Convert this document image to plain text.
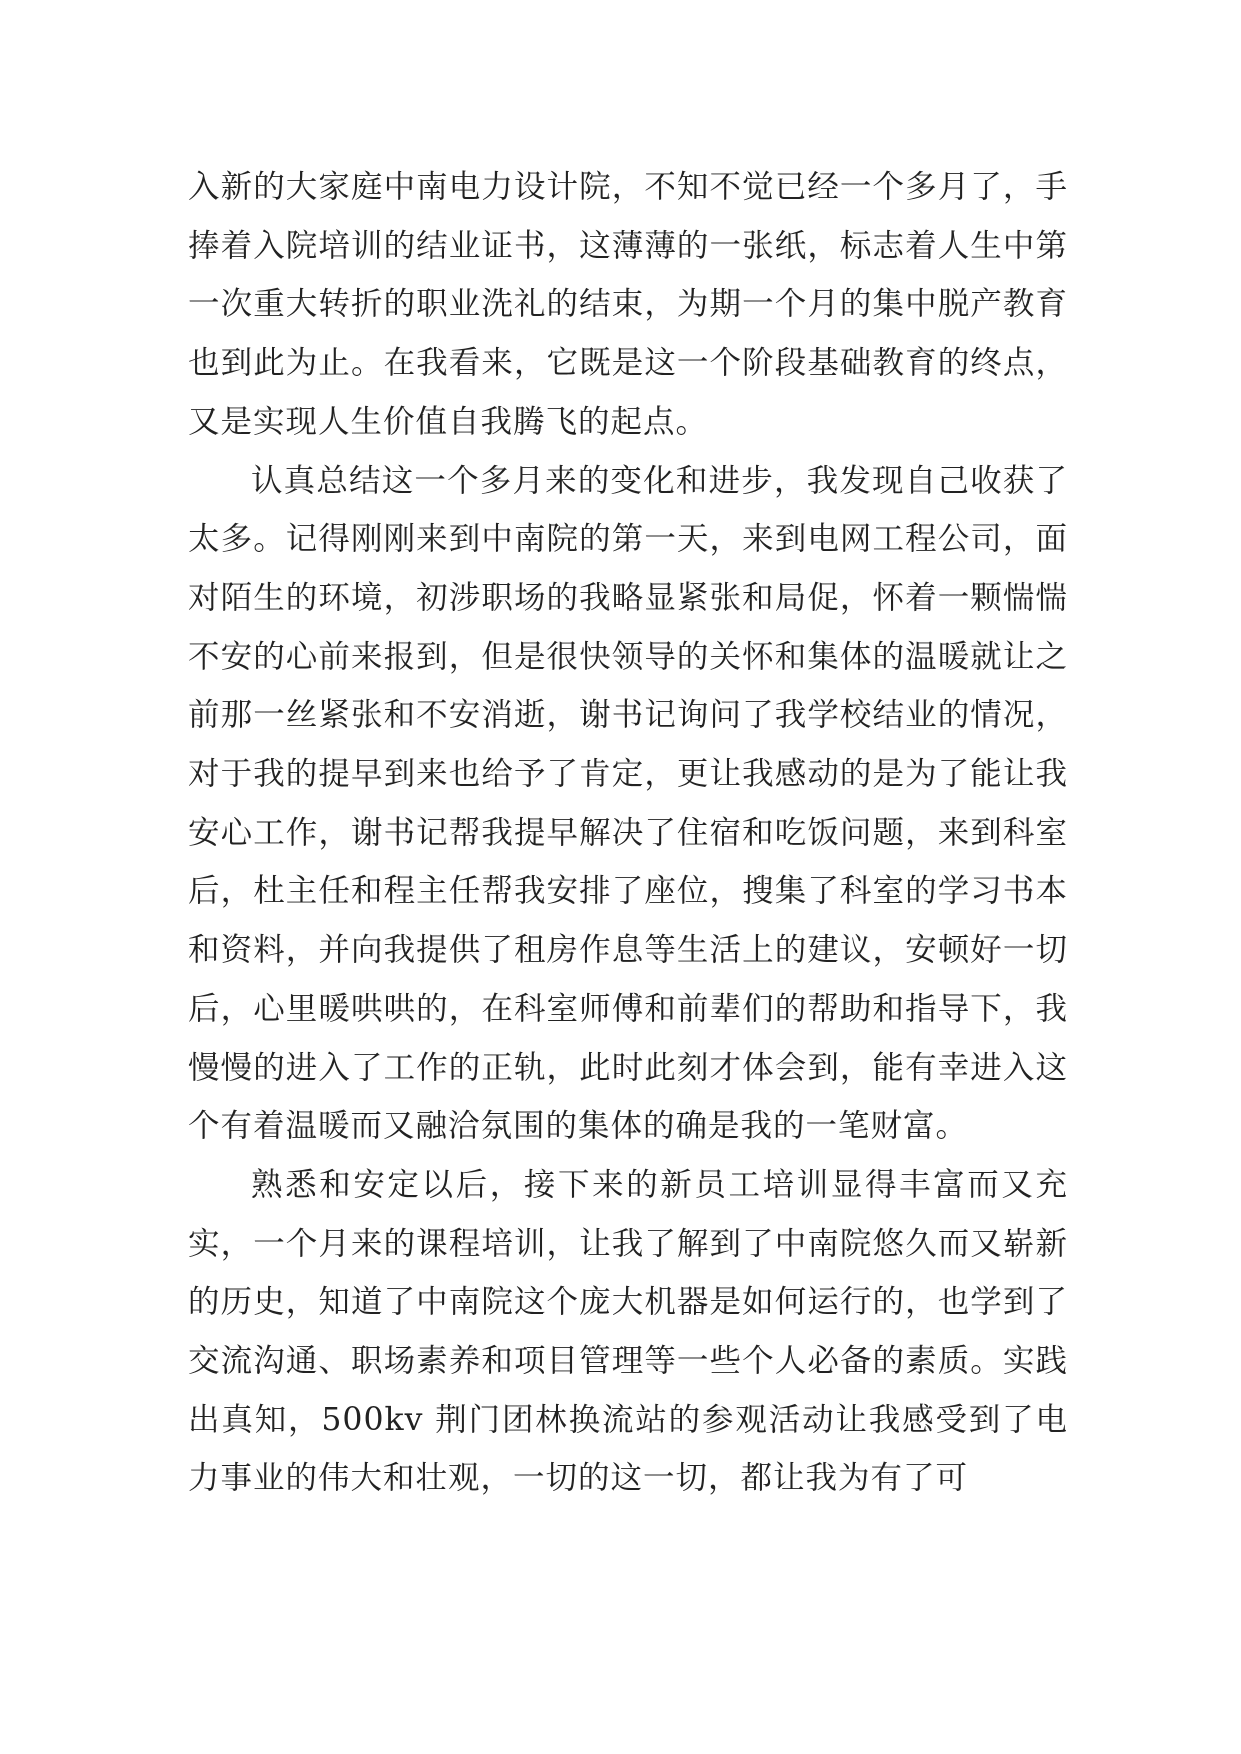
入新的大家庭中南电力设计院，不知不觉已经一个多月了，手捧着入院培训的结业证书，这薄薄的一张纸，标志着人生中第一次重大转折的职业洗礼的结束，为期一个月的集中脱产教育也到此为止。在我看来，它既是这一个阶段基础教育的终点，又是实现人生价值自我腾飞的起点。

认真总结这一个多月来的变化和进步，我发现自己收获了太多。记得刚刚来到中南院的第一天，来到电网工程公司，面对陌生的环境，初涉职场的我略显紧张和局促，怀着一颗惴惴不安的心前来报到，但是很快领导的关怀和集体的温暖就让之前那一丝紧张和不安消逝，谢书记询问了我学校结业的情况，对于我的提早到来也给予了肯定，更让我感动的是为了能让我安心工作，谢书记帮我提早解决了住宿和吃饭问题，来到科室后，杜主任和程主任帮我安排了座位，搜集了科室的学习书本和资料，并向我提供了租房作息等生活上的建议，安顿好一切后，心里暖哄哄的，在科室师傅和前辈们的帮助和指导下，我慢慢的进入了工作的正轨，此时此刻才体会到，能有幸进入这个有着温暖而又融洽氛围的集体的确是我的一笔财富。

熟悉和安定以后，接下来的新员工培训显得丰富而又充实，一个月来的课程培训，让我了解到了中南院悠久而又崭新的历史，知道了中南院这个庞大机器是如何运行的，也学到了交流沟通、职场素养和项目管理等一些个人必备的素质。实践出真知，500kv 荆门团林换流站的参观活动让我感受到了电力事业的伟大和壮观，一切的这一切，都让我为有了可
